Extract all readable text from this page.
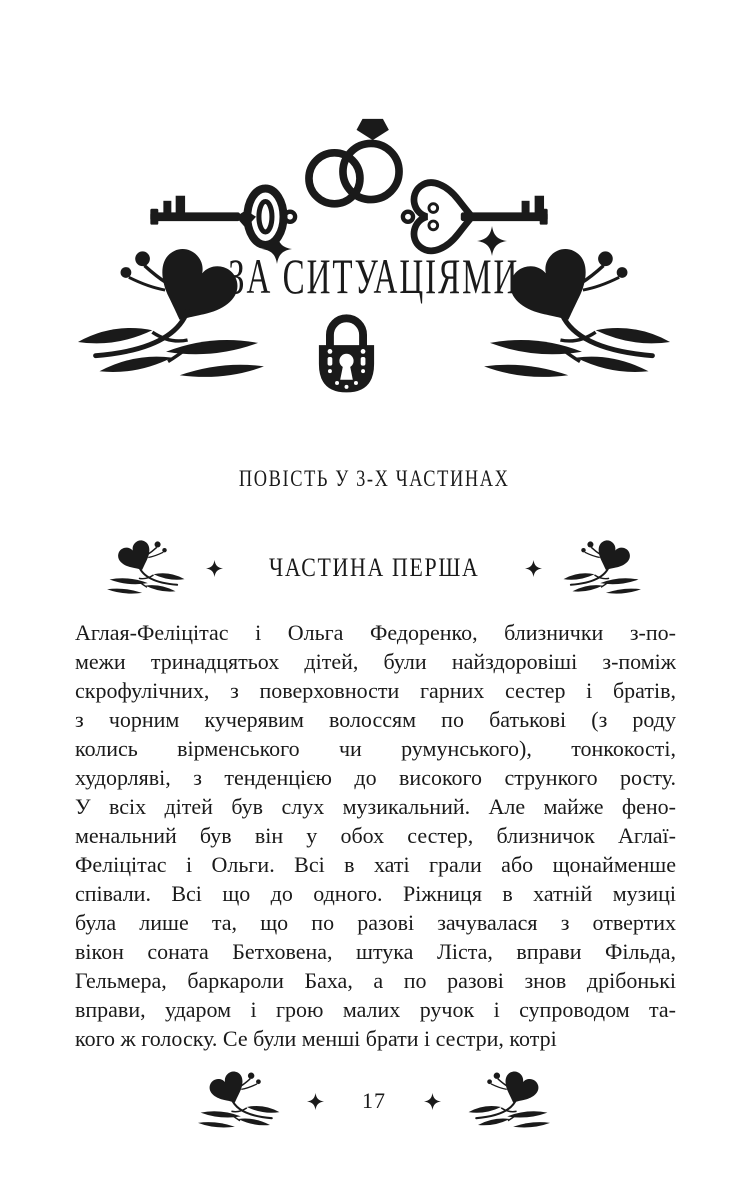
ЗА СИТУАЦІЯМИ
ПОВІСТЬ У 3-Х ЧАСТИНАХ
ЧАСТИНА ПЕРША
Аглая-Феліцітас і Ольга Федоренко, близнички з-по-
межи тринадцятьох дітей, були найздоровіші з-поміж
скрофулічних, з поверховности гарних сестер і братів,
з чорним кучерявим волоссям по батькові (з роду
колись вірменського чи румунського), тонкокості,
худорляві, з тенденцією до високого стрункого росту.
У всіх дітей був слух музикальний. Але майже фено-
менальний був він у обох сестер, близничок Аглаї-
Феліцітас і Ольги. Всі в хаті грали або щонайменше
співали. Всі що до одного. Ріжниця в хатній музиці
була лише та, що по разові зачувалася з отвертих
вікон соната Бетховена, штука Ліста, вправи Фільда,
Гельмера, баркароли Баха, а по разові знов дрібонькі
вправи, ударом і грою малих ручок і супроводом та-
кого ж голоску. Се були менші брати і сестри, котрі
17
